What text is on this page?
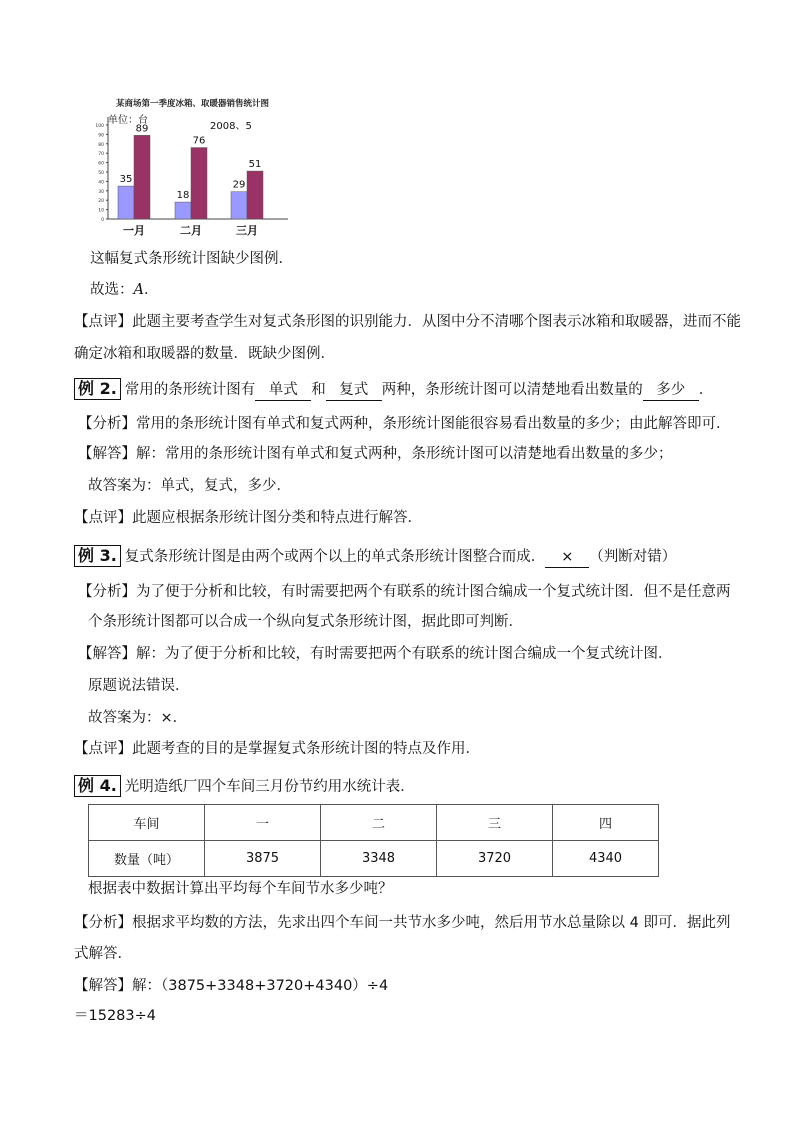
某商场第一季度冰箱、取暖器销售统计图
单位：台
2008、5
100
90
80
70
60
50
40
30
20
10
0
35
89
18
76
29
51
一月	二月	三月
这幅复式条形统计图缺少图例．
故选：A．
【点评】此题主要考查学生对复式条形图的识别能力．从图中分不清哪个图表示冰箱和取暖器，进而不能
确定冰箱和取暖器的数量．既缺少图例．
例 2. 常用的条形统计图有 单式 和 复式 两种，条形统计图可以清楚地看出数量的 多少 ．
【分析】常用的条形统计图有单式和复式两种，条形统计图能很容易看出数量的多少；由此解答即可．
【解答】解：常用的条形统计图有单式和复式两种，条形统计图可以清楚地看出数量的多少；
故答案为：单式，复式，多少．
【点评】此题应根据条形统计图分类和特点进行解答．
例 3. 复式条形统计图是由两个或两个以上的单式条形统计图整合而成． × （判断对错）
【分析】为了便于分析和比较，有时需要把两个有联系的统计图合编成一个复式统计图．但不是任意两
个条形统计图都可以合成一个纵向复式条形统计图，据此即可判断．
【解答】解：为了便于分析和比较，有时需要把两个有联系的统计图合编成一个复式统计图．
原题说法错误．
故答案为：×．
【点评】此题考查的目的是掌握复式条形统计图的特点及作用．
例 4. 光明造纸厂四个车间三月份节约用水统计表．
车间	一	二	三	四
数量（吨）	3875	3348	3720	4340
根据表中数据计算出平均每个车间节水多少吨？
【分析】根据求平均数的方法，先求出四个车间一共节水多少吨，然后用节水总量除以 4 即可．据此列
式解答．
【解答】解：（3875+3348+3720+4340）÷4
＝15283÷4
